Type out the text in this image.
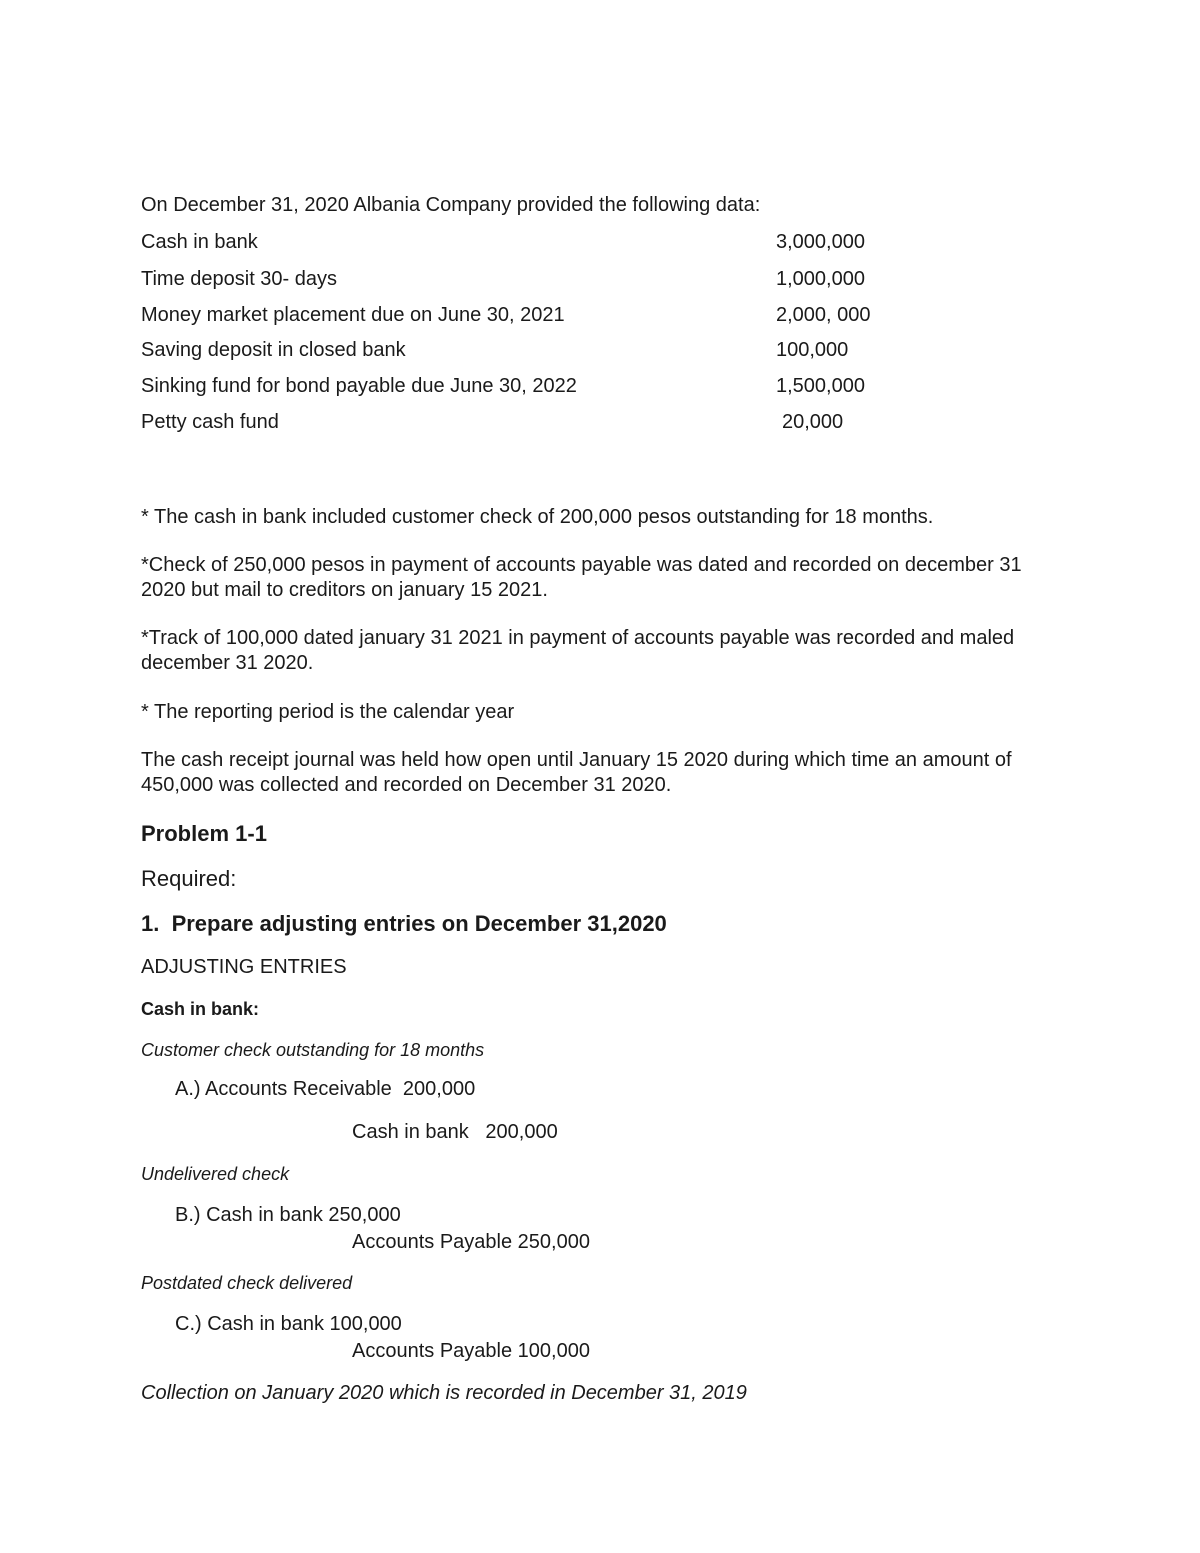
On December 31, 2020 Albania Company provided the following data:
Cash in bank	3,000,000
Time deposit 30- days	1,000,000
Money market placement due on June 30, 2021	2,000, 000
Saving deposit in closed bank	100,000
Sinking fund for bond payable due June 30, 2022	1,500,000
Petty cash fund	20,000
* The cash in bank included customer check of 200,000 pesos outstanding for 18 months.
*Check of 250,000 pesos in payment of accounts payable was dated and recorded on december 31 2020 but mail to creditors on january 15 2021.
*Track of 100,000 dated january 31 2021 in payment of accounts payable was recorded and maled december 31 2020.
* The reporting period is the calendar year
The cash receipt journal was held how open until January 15 2020 during which time an amount of 450,000 was collected and recorded on December 31 2020.
Problem 1-1
Required:
1.  Prepare adjusting entries on December 31,2020
ADJUSTING ENTRIES
Cash in bank:
Customer check outstanding for 18 months
A.) Accounts Receivable  200,000
Cash in bank   200,000
Undelivered check
B.) Cash in bank 250,000
Accounts Payable 250,000
Postdated check delivered
C.) Cash in bank 100,000
Accounts Payable 100,000
Collection on January 2020 which is recorded in December 31, 2019
